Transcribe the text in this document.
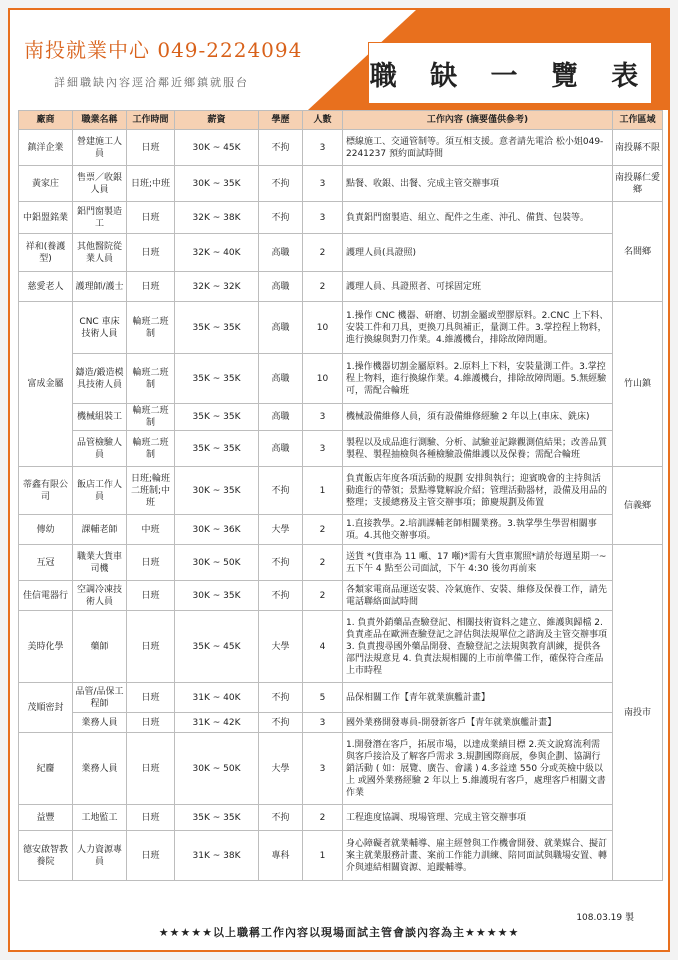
南投就業中心 049-2224094
詳細職缺內容逕洽鄰近鄉鎮就服台	職 缺 一 覽 表
廠商	職業名稱	工作時間	薪資	學歷	人數	工作內容 (摘要僅供參考)	工作區域
鎮洋企業	營建施工人員	日班	30K ~ 45K	不拘	3	標線施工、交通管制等。須互相支援。意者請先電洽 松小姐049-2241237 預約面試時間	南投縣不限
黃家庄	售票／收銀人員	日班;中班	30K ~ 35K	不拘	3	點餐、收銀、出餐、完成主管交辦事項	南投縣仁愛鄉
中鋁盟銘業	鋁門窗製造工	日班	32K ~ 38K	不拘	3	負責鋁門窗製造、組立、配件之生產、沖孔、備貨、包裝等。	名間鄉
祥和(養護型)	其他醫院從業人員	日班	32K ~ 40K	高職	2	護理人員(具證照)	
慈愛老人	護理師/護士	日班	32K ~ 32K	高職	2	護理人員、具證照者、可採固定班	
富成金屬	CNC 車床技術人員	輪班二班制	35K ~ 35K	高職	10	1.操作 CNC 機器、研磨、切割金屬或塑膠原料。2.CNC 上下料、安裝工件和刀具，更換刀具與補正，量測工件。3.掌控程上物料，進行換線與對刀作業。4.維護機台，排除故障問題。	竹山鎮
	鑄造/鍛造模具技術人員	輪班二班制	35K ~ 35K	高職	10	1.操作機器切割金屬原料。2.原料上下料，安裝量測工件。3.掌控程上物料，進行換線作業。4.維護機台，排除故障問題。5.無經驗可，需配合輪班	
	機械組裝工	輪班二班制	35K ~ 35K	高職	3	機械設備維修人員，須有設備維修經驗 2 年以上(車床、銑床)	
	品管檢驗人員	輪班二班制	35K ~ 35K	高職	3	製程以及成品進行測驗、分析、試驗並記錄觀測值結果；改善品質製程、製程抽檢與各種檢驗設備維護以及保養；需配合輪班	
蒂鑫有限公司	飯店工作人員	日班;輪班二班制;中班	30K ~ 35K	不拘	1	負責飯店年度各項活動的規劃 安排與執行；迎賓晚會的主持與活動進行的帶領；景點導覽解說介紹；管理活動器材，設備及用品的整理；支援總務及主管交辦事項；節慶規劃及佈置	信義鄉
傳幼	課輔老師	中班	30K ~ 36K	大學	2	1.直接教學。2.培訓課輔老師相關業務。3.執掌學生學習相關事項。4.其他交辦事項。	
互冠	職業大貨車司機	日班	30K ~ 50K	不拘	2	送貨 *(貨車為 11 噸、17 噸)*需有大貨車駕照*請於每週星期一~五下午 4 點至公司面試，下午 4:30 後勿再前來	南投市
佳信電器行	空調冷凍技術人員	日班	30K ~ 35K	不拘	2	各類家電商品運送安裝、冷氣施作、安裝、維修及保養工作，請先電話聯絡面試時間	
美時化學	藥師	日班	35K ~ 45K	大學	4	1. 負責外銷藥品查驗登記、相關技術資料之建立、維護與歸檔 2. 負責產品在歐洲查驗登記之評估與法規單位之諮詢及主管交辦事項 3. 負責搜尋國外藥品開發、查驗登記之法規與教育訓練，提供各部門法規意見 4. 負責法規相關的上市前準備工作，確保符合產品上市時程	
茂順密封	品管/品保工程師	日班	31K ~ 40K	不拘	5	品保相關工作【青年就業旗艦計畫】	
	業務人員	日班	31K ~ 42K	不拘	3	國外業務開發專員-開發新客戶【青年就業旗艦計畫】	
紀麕	業務人員	日班	30K ~ 50K	大學	3	1.開發潛在客戶，拓展市場，以達成業績目標 2.英文說寫流利需與客戶接洽及了解客戶需求 3.規劃國際商展，參與企劃、協調行銷活動 ( 如：展覽、廣告、會議 ) 4.多益達 550 分或英檢中級以上 或國外業務經驗 2 年以上 5.維護現有客戶，處理客戶相關文書作業	
益豐	工地監工	日班	35K ~ 35K	不拘	2	工程進度協調、現場管理、完成主管交辦事項	
德安啟智教養院	人力資源專員	日班	31K ~ 38K	專科	1	身心障礙者就業輔導、雇主經營與工作機會開發、就業媒合、擬訂案主就業服務計畫、案前工作能力訓練、陪同面試與職場安置、轉介與連結相關資源、追蹤輔導。	
108.03.19 製
★★★★★以上職稱工作內容以現場面試主管會談內容為主★★★★★
